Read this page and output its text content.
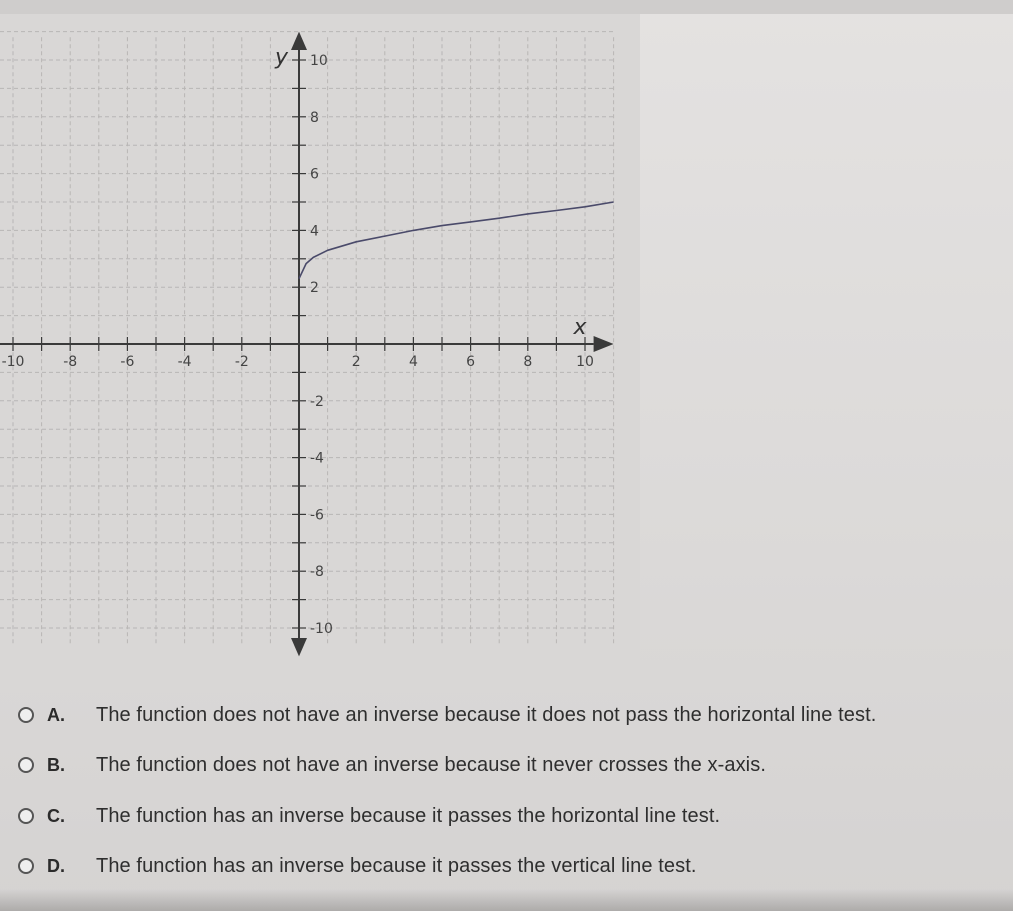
-10	-8	-6	-4	-2	2	4	6	8	10
10
8
6
4
2
-2
-4
-6
-8
-10
x
y
A.	The function does not have an inverse because it does not pass the horizontal line test.
B.	The function does not have an inverse because it never crosses the x-axis.
C.	The function has an inverse because it passes the horizontal line test.
D.	The function has an inverse because it passes the vertical line test.
